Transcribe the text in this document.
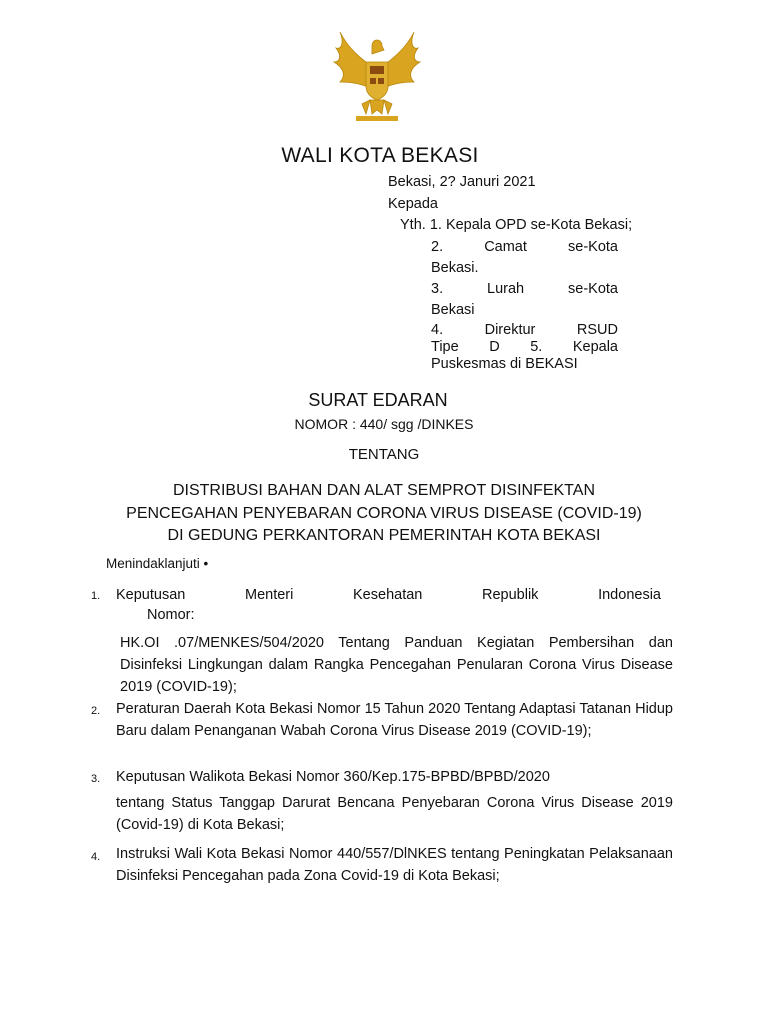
WALI KOTA BEKASI
Bekasi, 2? Januri 2021
Kepada
Yth. 1. Kepala OPD se-Kota Bekasi;
2.	Camat	se-Kota
Bekasi.
3.	Lurah	se-Kota
Bekasi
4.	Direktur	RSUD
Tipe D 5. Kepala
Puskesmas di BEKASI
SURAT EDARAN
NOMOR : 440/ sgg /DINKES
TENTANG
DISTRIBUSI BAHAN DAN ALAT SEMPROT DISINFEKTAN
PENCEGAHAN PENYEBARAN CORONA VIRUS DISEASE (COVID-19)
DI GEDUNG PERKANTORAN PEMERINTAH KOTA BEKASI
Menindaklanjuti •
1. Keputusan	Menteri	Kesehatan	Republik	Indonesia
Nomor:
HK.OI .07/MENKES/504/2020 Tentang Panduan Kegiatan Pembersihan dan Disinfeksi Lingkungan dalam Rangka Pencegahan Penularan Corona Virus Disease 2019 (COVID-19);
2. Peraturan Daerah Kota Bekasi Nomor 15 Tahun 2020 Tentang Adaptasi Tatanan Hidup Baru dalam Penanganan Wabah Corona Virus Disease 2019 (COVID-19);
3. Keputusan Walikota Bekasi Nomor 360/Kep.175-BPBD/BPBD/2020
tentang Status Tanggap Darurat Bencana Penyebaran Corona Virus Disease 2019 (Covid-19) di Kota Bekasi;
4. Instruksi Wali Kota Bekasi Nomor 440/557/DlNKES tentang Peningkatan Pelaksanaan Disinfeksi Pencegahan pada Zona Covid-19 di Kota Bekasi;
